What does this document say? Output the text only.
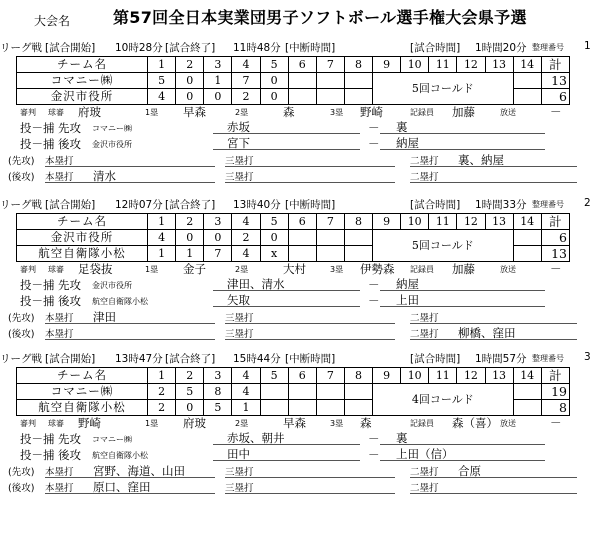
大会名	第57回全日本実業団男子ソフトボール選手権大会県予選
リーグ戦 [試合開始] 10時28分 [試合終了] 11時48分 [中断時間]	[試合時間] 1時間20分 整理番号 1
チーム名	1	2	3	4	5	6	7	8	9	10	11	12	13	14	計
コマニー㈱	5	0	1	7	0				5回コールド						13
金沢市役所	4	0	0	2	0										6
審判 球審 府玻	1塁 早森	2塁	森	3塁 野崎	記録員 加藤	放送	－
投－捕 先攻 コマニー㈱	赤坂	－ 裏
投－捕 後攻 金沢市役所	宮下	－ 納屋
(先攻) 本塁打	三塁打	二塁打 裏、納屋
(後攻) 本塁打 清水	三塁打	二塁打
リーグ戦 [試合開始] 12時07分 [試合終了] 13時40分 [中断時間]	[試合時間] 1時間33分 整理番号 2
チーム名	1	2	3	4	5	6	7	8	9	10	11	12	13	14	計
金沢市役所	4	0	0	2	0				5回コールド						6
航空自衛隊小松	1	1	7	4	x										13
審判 球審 足袋抜	1塁 金子	2塁	大村	3塁 伊勢森 記録員 加藤	放送	－
投－捕 先攻 金沢市役所	津田、清水	－ 納屋
投－捕 後攻 航空自衛隊小松	矢取	－ 上田
(先攻) 本塁打 津田	三塁打	二塁打
(後攻) 本塁打	三塁打	二塁打 柳橋、窪田
リーグ戦 [試合開始] 13時47分 [試合終了] 15時44分 [中断時間]	[試合時間] 1時間57分 整理番号 3
チーム名	1	2	3	4	5	6	7	8	9	10	11	12	13	14	計
コマニー㈱	2	5	8	4					4回コールド						19
航空自衛隊小松	2	0	5	1											8
審判 球審 野崎	1塁 府玻	2塁	早森	3塁 森	記録員 森（喜） 放送	－
投－捕 先攻 コマニー㈱	赤坂、朝井	－ 裏
投－捕 後攻 航空自衛隊小松	田中	－ 上田（信）
(先攻) 本塁打 宮野、海道、山田	三塁打	二塁打 合原
(後攻) 本塁打 原口、窪田	三塁打	二塁打
